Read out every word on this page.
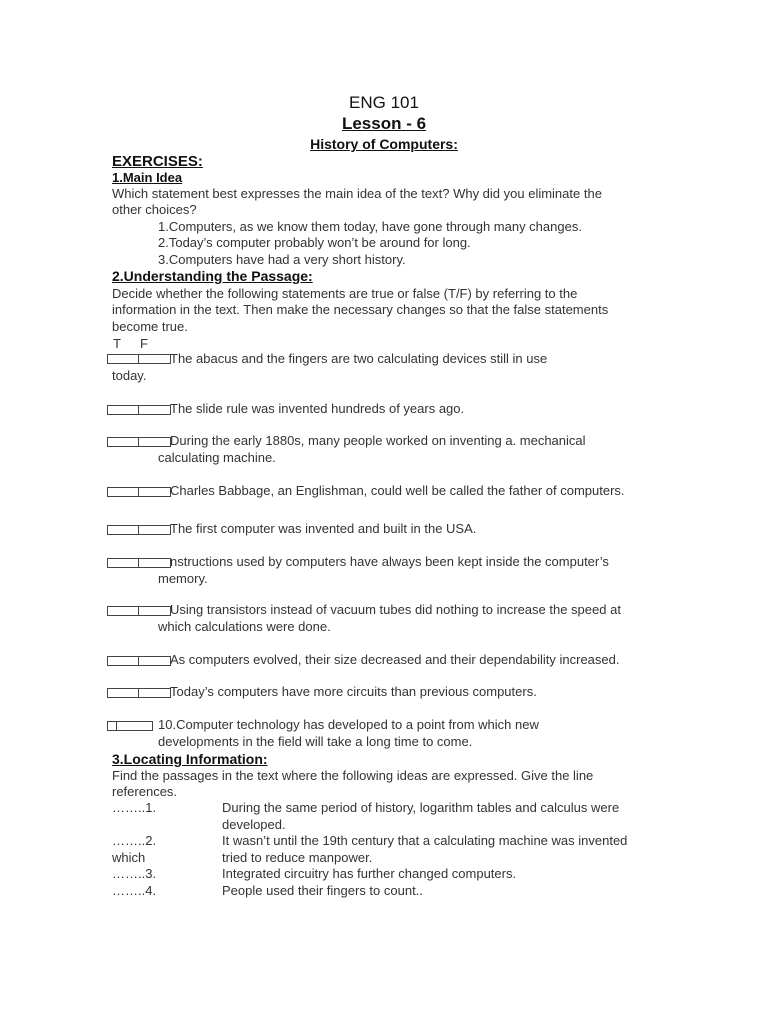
ENG 101
Lesson - 6
History of Computers:
EXERCISES:
1.Main Idea
Which statement best expresses the main idea of the text? Why did you eliminate the
other choices?
1.Computers, as we know them today, have gone through many changes.
2.Today’s computer probably won’t be around for long.
3.Computers have had a very short history.
2.Understanding the Passage:
Decide whether the following statements are true or false (T/F) by referring to the
information in the text. Then make the necessary changes so that the false statements
become true.
T F
The abacus and the fingers are two calculating devices still in use
today.
The slide rule was invented hundreds of years ago.
During the early 1880s, many people worked on inventing a. mechanical
calculating machine.
Charles Babbage, an Englishman, could well be called the father of computers.
The first computer was invented and built in the USA.
nstructions used by computers have always been kept inside the computer’s
memory.
Using transistors instead of vacuum tubes did nothing to increase the speed at
which calculations were done.
As computers evolved, their size decreased and their dependability increased.
Today’s computers have more circuits than previous computers.
10.Computer technology has developed to a point from which new
developments in the field will take a long time to come.
3.Locating Information:
Find the passages in the text where the following ideas are expressed. Give the line
references.
……..1.	During the same period of history, logarithm tables and calculus were
developed.
……..2.	It wasn’t until the 19th century that a calculating machine was invented
which	tried to reduce manpower.
……..3.	Integrated circuitry has further changed computers.
……..4.	People used their fingers to count..
